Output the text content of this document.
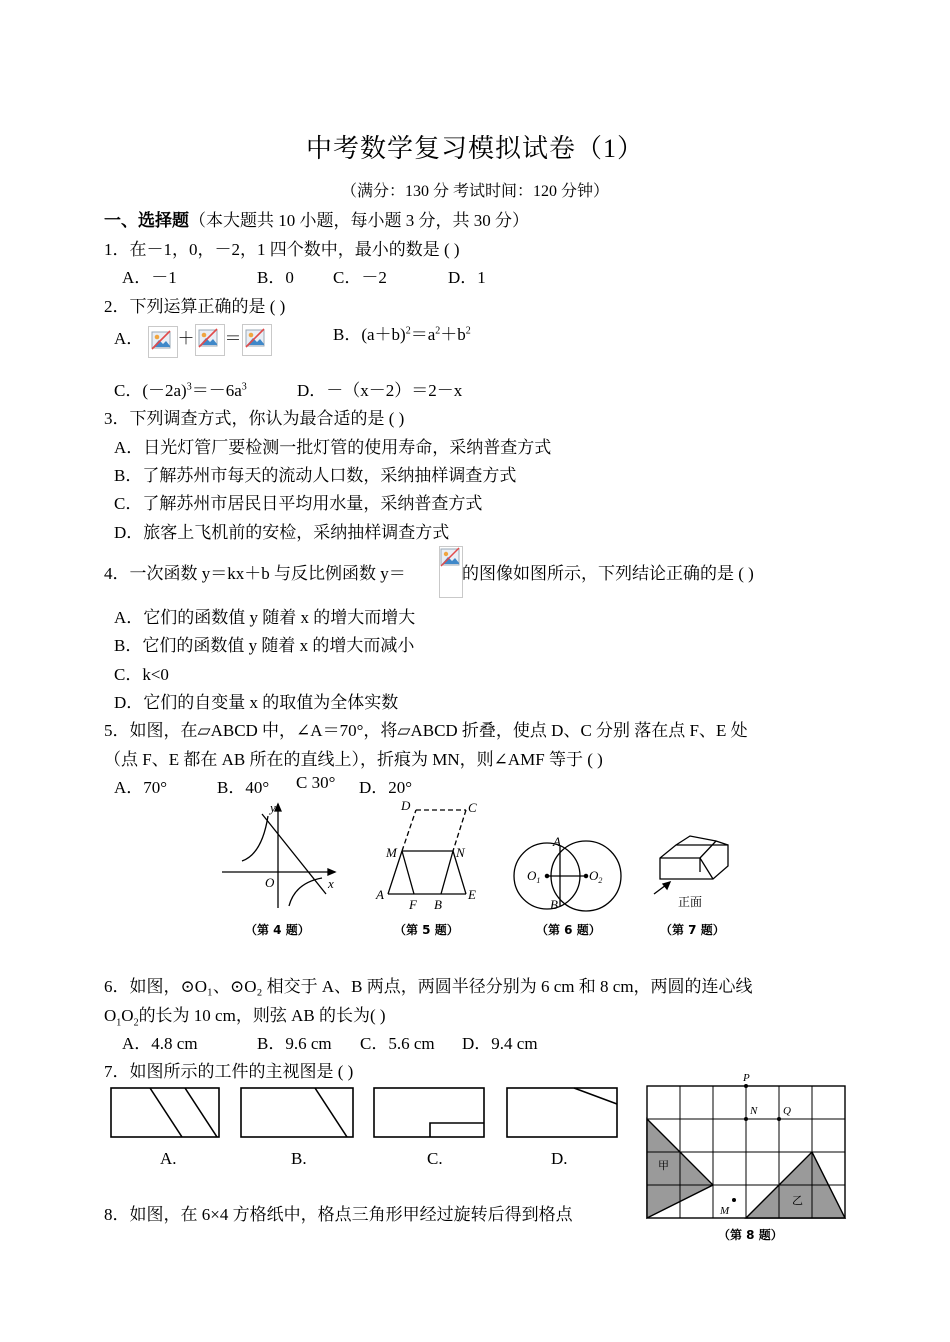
中考数学复习模拟试卷（1）
（满分：130 分 考试时间：120 分钟）
一、选择题（本大题共 10 小题，每小题 3 分，共 30 分）
1．在－1，0，－2，1 四个数中，最小的数是 ( )
A．－1	B．0 C．－2	D．1
2．下列运算正确的是 ( )
A． ＋ ＝	B．$(a+b)^2=a^2+b^2$
C．$(-2a)^3=-6a^3$	D．－（x－2）＝2－x
3．下列调查方式，你认为最合适的是 ( )
A．日光灯管厂要检测一批灯管的使用寿命，采纳普查方式
B．了解苏州市每天的流动人口数，采纳抽样调查方式
C．了解苏州市居民日平均用水量，采纳普查方式
D．旅客上飞机前的安检，采纳抽样调查方式
4．一次函数 y＝kx＋b 与反比例函数 y＝	的图像如图所示，下列结论正确的是 ( )
A．它们的函数值 y 随着 x 的增大而增大
B．它们的函数值 y 随着 x 的增大而减小
C．k<0
D．它们的自变量 x 的取值为全体实数
5．如图，在▱ABCD 中，∠A＝70°，将▱ABCD 折叠，使点 D、C 分别 落在点 F、E 处
（点 F、E 都在 AB 所在的直线上），折痕为 MN，则∠AMF 等于 ( )
A．70°	B．40° C 30° D．20°
y
x
O
（第 4 题）
D	C
M	N
A
F B
E
（第 5 题）
A
B
$O_1$	$O_2$
（第 6 题）
正面
（第 7 题）
6．如图，⊙O₁、⊙O₂ 相交于 A、B 两点，两圆半径分别为 6 cm 和 8 cm，两圆的连心线
$O_1O_2$的长为 10 cm，则弦 AB 的长为( )
A．4.8 cm	B．9.6 cm C．5.6 cm D．9.4 cm
7．如图所示的工件的主视图是 ( )
A.	B.	C.	D.
8．如图，在 6×4 方格纸中，格点三角形甲经过旋转后得到格点
P
N Q
M
甲
乙
（第 8 题）
